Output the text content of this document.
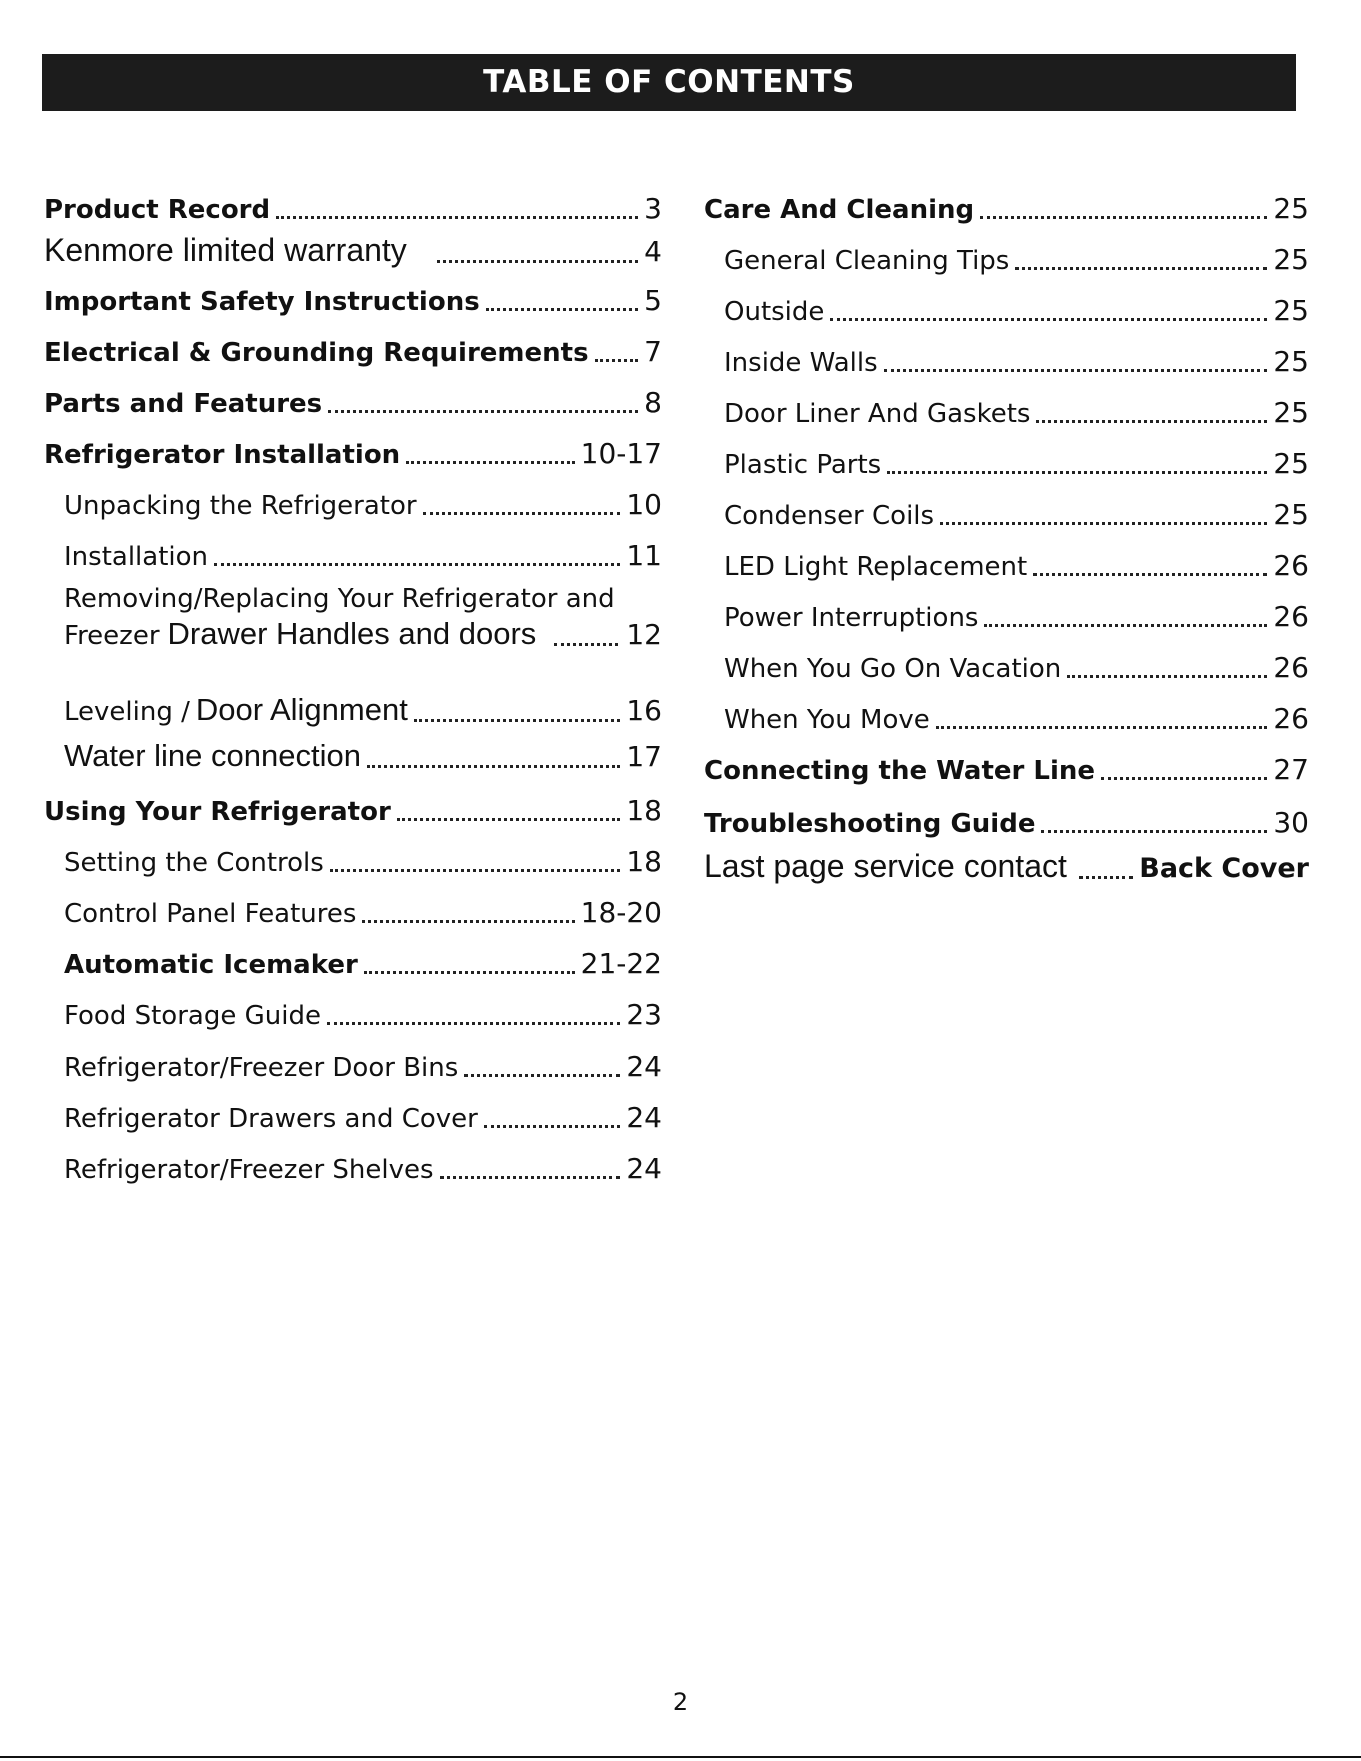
TABLE OF CONTENTS
Product Record	3
Kenmore limited warranty	4
Important Safety Instructions	5
Electrical & Grounding Requirements 7
Parts and Features	8
Refrigerator Installation	10-17
Unpacking the Refrigerator	10
Installation	11
Removing/Replacing Your Refrigerator and
Freezer Drawer Handles and doors	12
Leveling / Door Alignment	16
Water line connection	17
Using Your Refrigerator	18
Setting the Controls	18
Control Panel Features	18-20
Automatic Icemaker	21-22
Food Storage Guide	23
Refrigerator/Freezer Door Bins	24
Refrigerator Drawers and Cover	24
Refrigerator/Freezer Shelves	24
Care And Cleaning	25
General Cleaning Tips	25
Outside	25
Inside Walls	25
Door Liner And Gaskets	25
Plastic Parts	25
Condenser Coils	25
LED Light Replacement	26
Power Interruptions	26
When You Go On Vacation	26
When You Move	26
Connecting the Water Line	27
Troubleshooting Guide	30
Last page service contact	Back Cover
2
